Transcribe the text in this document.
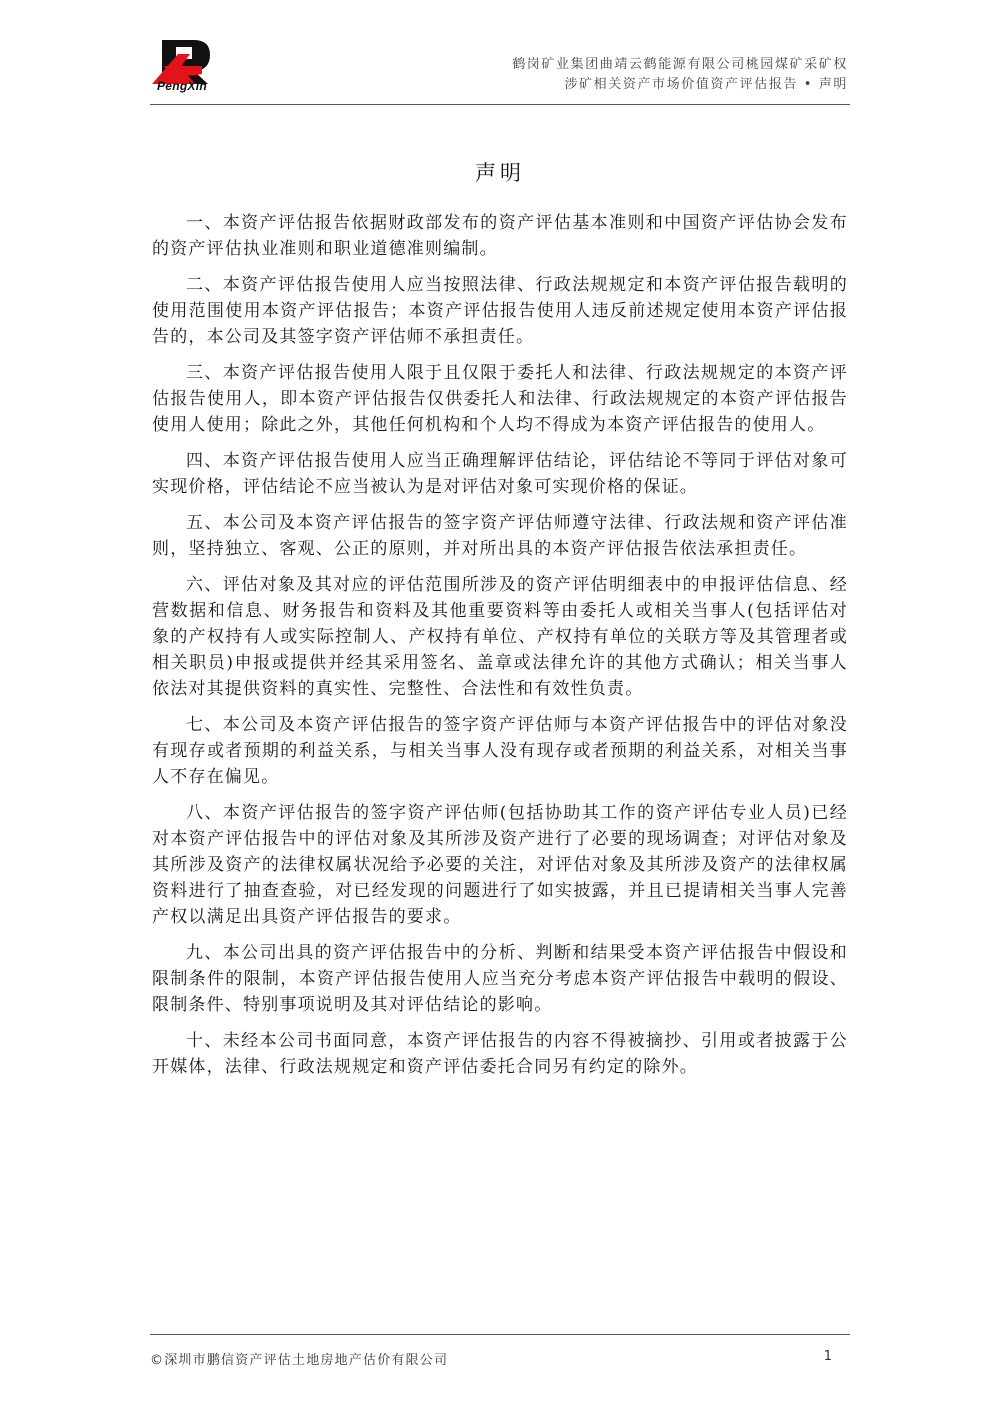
PengXin
鹤岗矿业集团曲靖云鹤能源有限公司桃园煤矿采矿权
涉矿相关资产市场价值资产评估报告 • 声明
声明

一、本资产评估报告依据财政部发布的资产评估基本准则和中国资产评估协会发布的资产评估执业准则和职业道德准则编制。

二、本资产评估报告使用人应当按照法律、行政法规规定和本资产评估报告载明的使用范围使用本资产评估报告；本资产评估报告使用人违反前述规定使用本资产评估报告的，本公司及其签字资产评估师不承担责任。

三、本资产评估报告使用人限于且仅限于委托人和法律、行政法规规定的本资产评估报告使用人，即本资产评估报告仅供委托人和法律、行政法规规定的本资产评估报告使用人使用；除此之外，其他任何机构和个人均不得成为本资产评估报告的使用人。

四、本资产评估报告使用人应当正确理解评估结论，评估结论不等同于评估对象可实现价格，评估结论不应当被认为是对评估对象可实现价格的保证。

五、本公司及本资产评估报告的签字资产评估师遵守法律、行政法规和资产评估准则，坚持独立、客观、公正的原则，并对所出具的本资产评估报告依法承担责任。

六、评估对象及其对应的评估范围所涉及的资产评估明细表中的申报评估信息、经营数据和信息、财务报告和资料及其他重要资料等由委托人或相关当事人(包括评估对象的产权持有人或实际控制人、产权持有单位、产权持有单位的关联方等及其管理者或相关职员)申报或提供并经其采用签名、盖章或法律允许的其他方式确认；相关当事人依法对其提供资料的真实性、完整性、合法性和有效性负责。

七、本公司及本资产评估报告的签字资产评估师与本资产评估报告中的评估对象没有现存或者预期的利益关系，与相关当事人没有现存或者预期的利益关系，对相关当事人不存在偏见。

八、本资产评估报告的签字资产评估师(包括协助其工作的资产评估专业人员)已经对本资产评估报告中的评估对象及其所涉及资产进行了必要的现场调查；对评估对象及其所涉及资产的法律权属状况给予必要的关注，对评估对象及其所涉及资产的法律权属资料进行了抽查查验，对已经发现的问题进行了如实披露，并且已提请相关当事人完善产权以满足出具资产评估报告的要求。

九、本公司出具的资产评估报告中的分析、判断和结果受本资产评估报告中假设和限制条件的限制，本资产评估报告使用人应当充分考虑本资产评估报告中载明的假设、限制条件、特别事项说明及其对评估结论的影响。

十、未经本公司书面同意，本资产评估报告的内容不得被摘抄、引用或者披露于公开媒体，法律、行政法规规定和资产评估委托合同另有约定的除外。

©深圳市鹏信资产评估土地房地产估价有限公司	1
